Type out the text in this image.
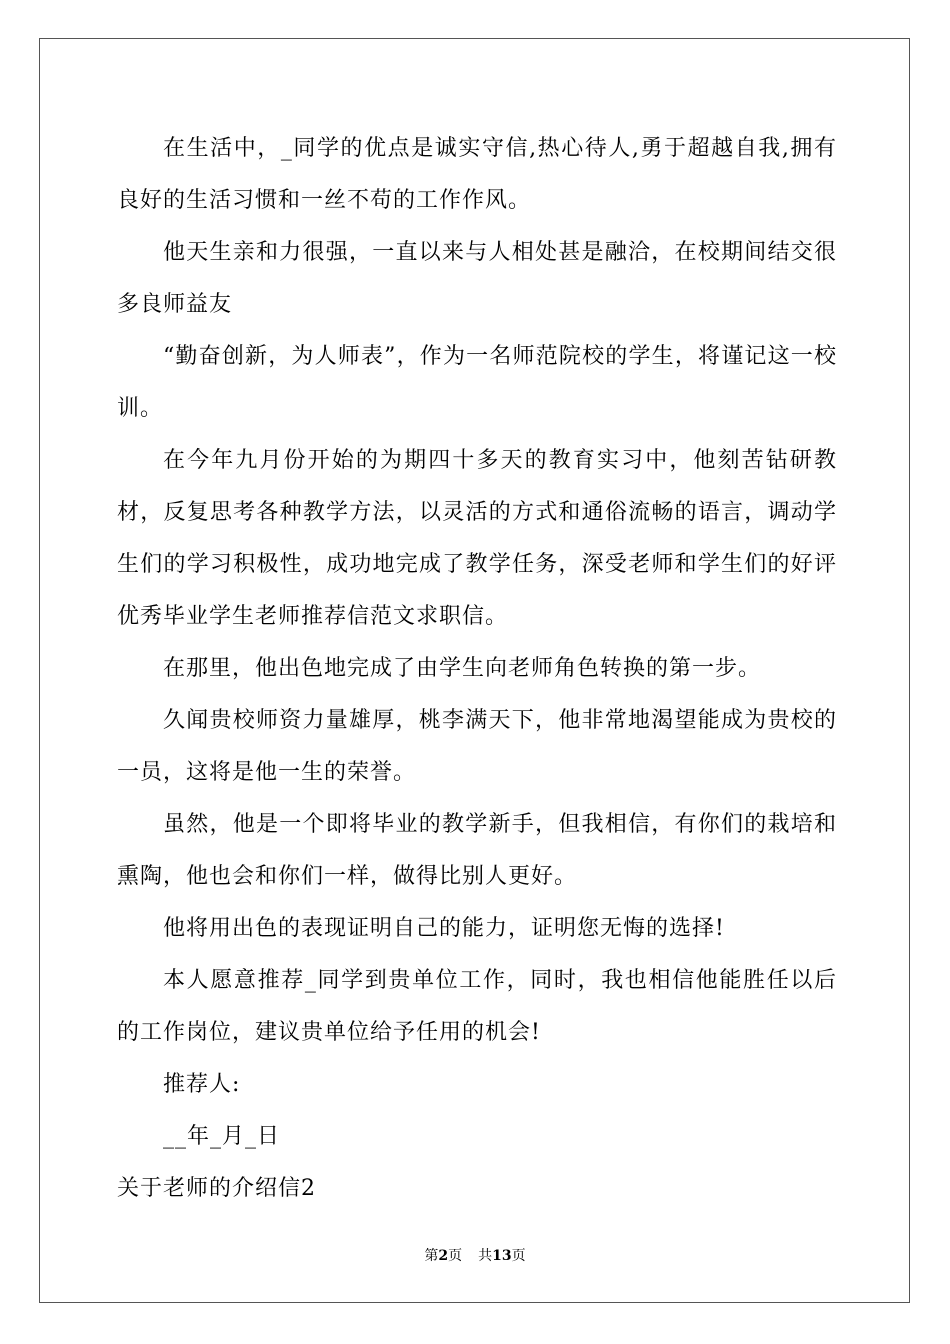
在生活中，_同学的优点是诚实守信,热心待人,勇于超越自我,拥有良好的生活习惯和一丝不苟的工作作风。

他天生亲和力很强，一直以来与人相处甚是融洽，在校期间结交很多良师益友

“勤奋创新，为人师表”，作为一名师范院校的学生，将谨记这一校训。

在今年九月份开始的为期四十多天的教育实习中，他刻苦钻研教材，反复思考各种教学方法，以灵活的方式和通俗流畅的语言，调动学生们的学习积极性，成功地完成了教学任务，深受老师和学生们的好评优秀毕业学生老师推荐信范文求职信。

在那里，他出色地完成了由学生向老师角色转换的第一步。

久闻贵校师资力量雄厚，桃李满天下，他非常地渴望能成为贵校的一员，这将是他一生的荣誉。

虽然，他是一个即将毕业的教学新手，但我相信，有你们的栽培和熏陶，他也会和你们一样，做得比别人更好。

他将用出色的表现证明自己的能力，证明您无悔的选择!

本人愿意推荐_同学到贵单位工作，同时，我也相信他能胜任以后的工作岗位，建议贵单位给予任用的机会!

推荐人:

__年_月_日

关于老师的介绍信2

第2页 共13页
